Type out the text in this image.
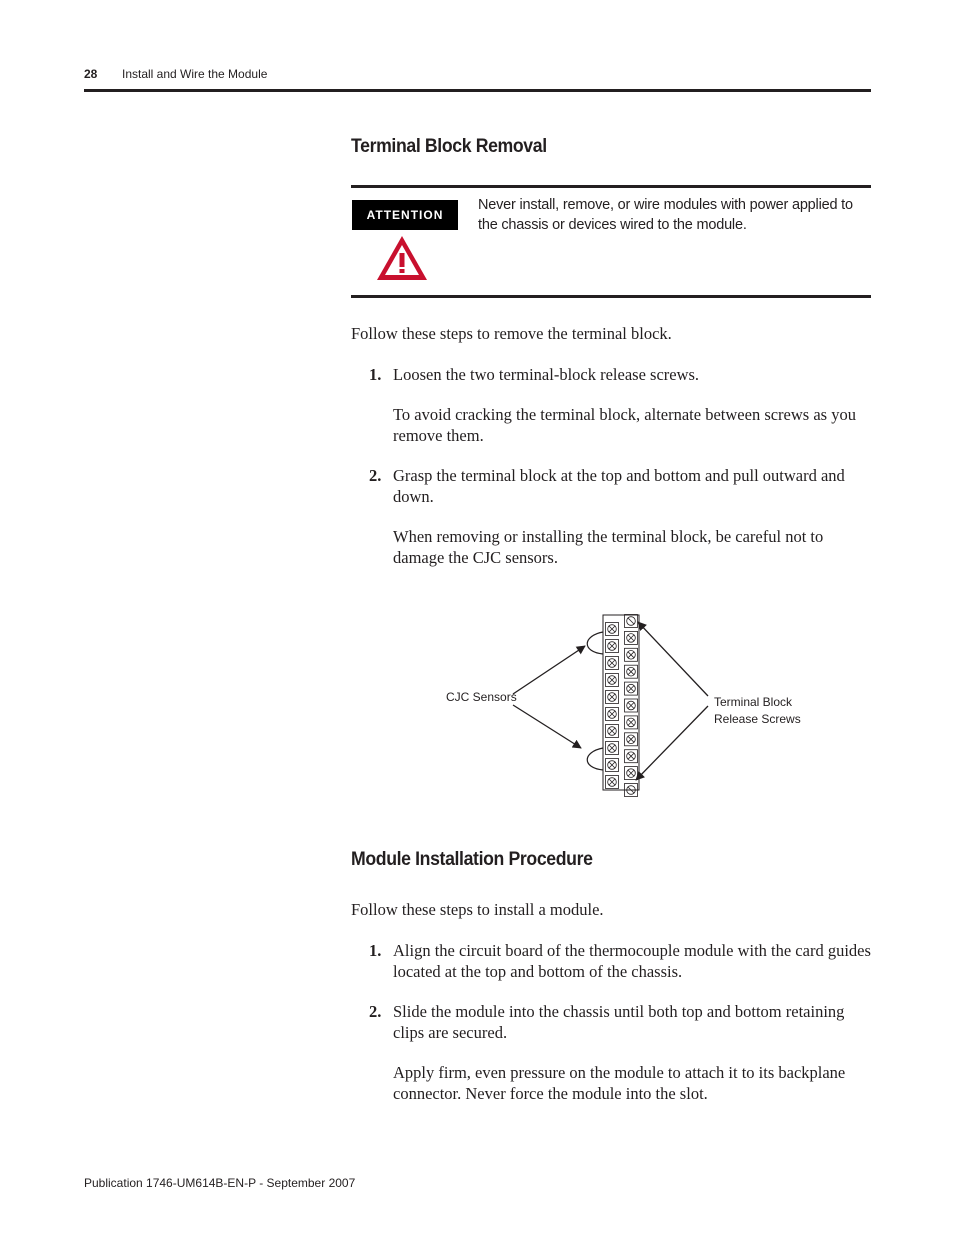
28 Install and Wire the Module
Terminal Block Removal
ATTENTION
Never install, remove, or wire modules with power applied to the chassis or devices wired to the module.

Follow these steps to remove the terminal block.

1. Loosen the two terminal-block release screws.

To avoid cracking the terminal block, alternate between screws as you remove them.

2. Grasp the terminal block at the top and bottom and pull outward and down.

When removing or installing the terminal block, be careful not to damage the CJC sensors.

CJC Sensors	Terminal Block
Release Screws
Module Installation Procedure

Follow these steps to install a module.

1. Align the circuit board of the thermocouple module with the card guides located at the top and bottom of the chassis.

2. Slide the module into the chassis until both top and bottom retaining clips are secured.

Apply firm, even pressure on the module to attach it to its backplane connector. Never force the module into the slot.

Publication 1746-UM614B-EN-P - September 2007
